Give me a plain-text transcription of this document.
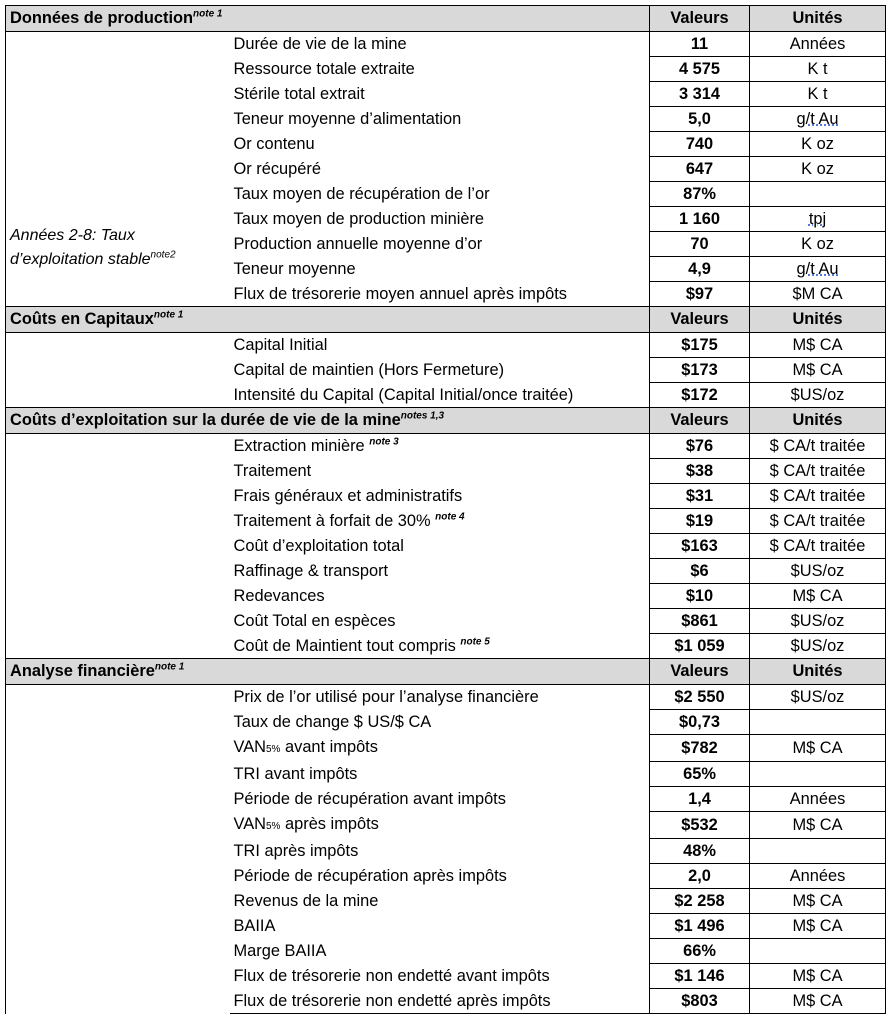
Données de production$^{note 1}$		Valeurs	Unités

Années 2-8: Taux
d’exploitation stable$^{note2}$	Durée de vie de la mine	11	Années
	Ressource totale extraite	4 575	K t
	Stérile total extrait	3 314	K t
	Teneur moyenne d’alimentation	5,0	g/t Au
	Or contenu	740	K oz
	Or récupéré	647	K oz
	Taux moyen de récupération de l’or	87%	
	Taux moyen de production minière	1 160	tpj
	Production annuelle moyenne d’or	70	K oz
	Teneur moyenne	4,9	g/t Au
	Flux de trésorerie moyen annuel après impôts	$97	$M CA
Coûts en Capitaux$^{note 1}$		Valeurs	Unités
	Capital Initial	$175	M$ CA
	Capital de maintien (Hors Fermeture)	$173	M$ CA
	Intensité du Capital (Capital Initial/once traitée)	$172	$US/oz
Coûts d’exploitation sur la durée de vie de la mine$^{notes 1,3}$		Valeurs	Unités
	Extraction minière $^{note 3}$	$76	$ CA/t traitée
	Traitement	$38	$ CA/t traitée
	Frais généraux et administratifs	$31	$ CA/t traitée
	Traitement à forfait de 30% $^{note 4}$	$19	$ CA/t traitée
	Coût d’exploitation total	$163	$ CA/t traitée
	Raffinage & transport	$6	$US/oz
	Redevances	$10	M$ CA
	Coût Total en espèces	$861	$US/oz
	Coût de Maintient tout compris $^{note 5}$	$1 059	$US/oz
Analyse financière$^{note 1}$		Valeurs	Unités
	Prix de l’or utilisé pour l’analyse financière	$2 550	$US/oz
	Taux de change $ US/$ CA	$0,73	
	VAN5% avant impôts	$782	M$ CA
	TRI avant impôts	65%	
	Période de récupération avant impôts	1,4	Années
	VAN5% après impôts	$532	M$ CA
	TRI après impôts	48%	
	Période de récupération après impôts	2,0	Années
	Revenus de la mine	$2 258	M$ CA
	BAIIA	$1 496	M$ CA
	Marge BAIIA	66%	
	Flux de trésorerie non endetté avant impôts	$1 146	M$ CA
	Flux de trésorerie non endetté après impôts	$803	M$ CA
